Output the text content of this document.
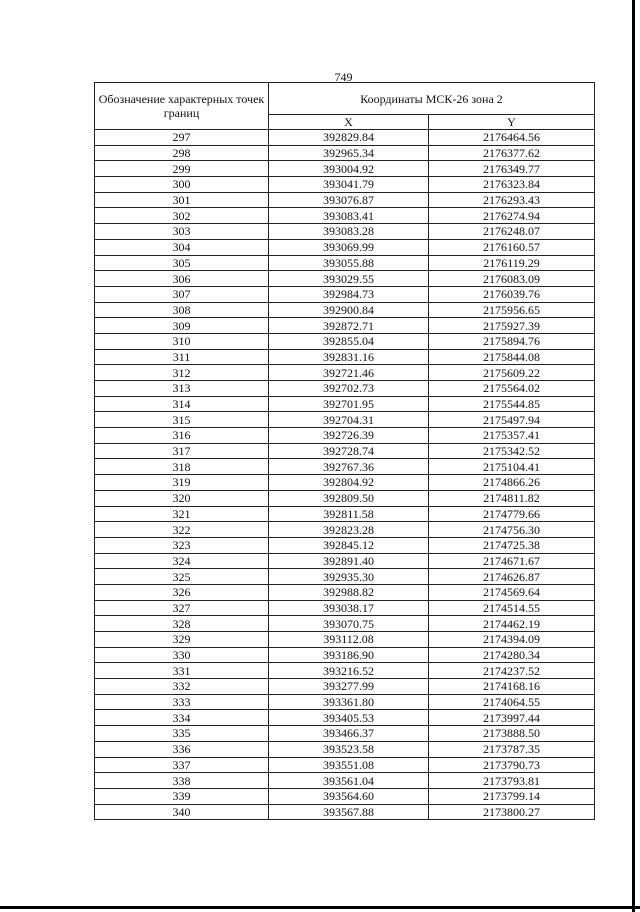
749
Обозначение характерных точек границ	Координаты МСК-26 зона 2	
	X	Y
297	392829.84	2176464.56
298	392965.34	2176377.62
299	393004.92	2176349.77
300	393041.79	2176323.84
301	393076.87	2176293.43
302	393083.41	2176274.94
303	393083.28	2176248.07
304	393069.99	2176160.57
305	393055.88	2176119.29
306	393029.55	2176083.09
307	392984.73	2176039.76
308	392900.84	2175956.65
309	392872.71	2175927.39
310	392855.04	2175894.76
311	392831.16	2175844.08
312	392721.46	2175609.22
313	392702.73	2175564.02
314	392701.95	2175544.85
315	392704.31	2175497.94
316	392726.39	2175357.41
317	392728.74	2175342.52
318	392767.36	2175104.41
319	392804.92	2174866.26
320	392809.50	2174811.82
321	392811.58	2174779.66
322	392823.28	2174756.30
323	392845.12	2174725.38
324	392891.40	2174671.67
325	392935.30	2174626.87
326	392988.82	2174569.64
327	393038.17	2174514.55
328	393070.75	2174462.19
329	393112.08	2174394.09
330	393186.90	2174280.34
331	393216.52	2174237.52
332	393277.99	2174168.16
333	393361.80	2174064.55
334	393405.53	2173997.44
335	393466.37	2173888.50
336	393523.58	2173787.35
337	393551.08	2173790.73
338	393561.04	2173793.81
339	393564.60	2173799.14
340	393567.88	2173800.27
